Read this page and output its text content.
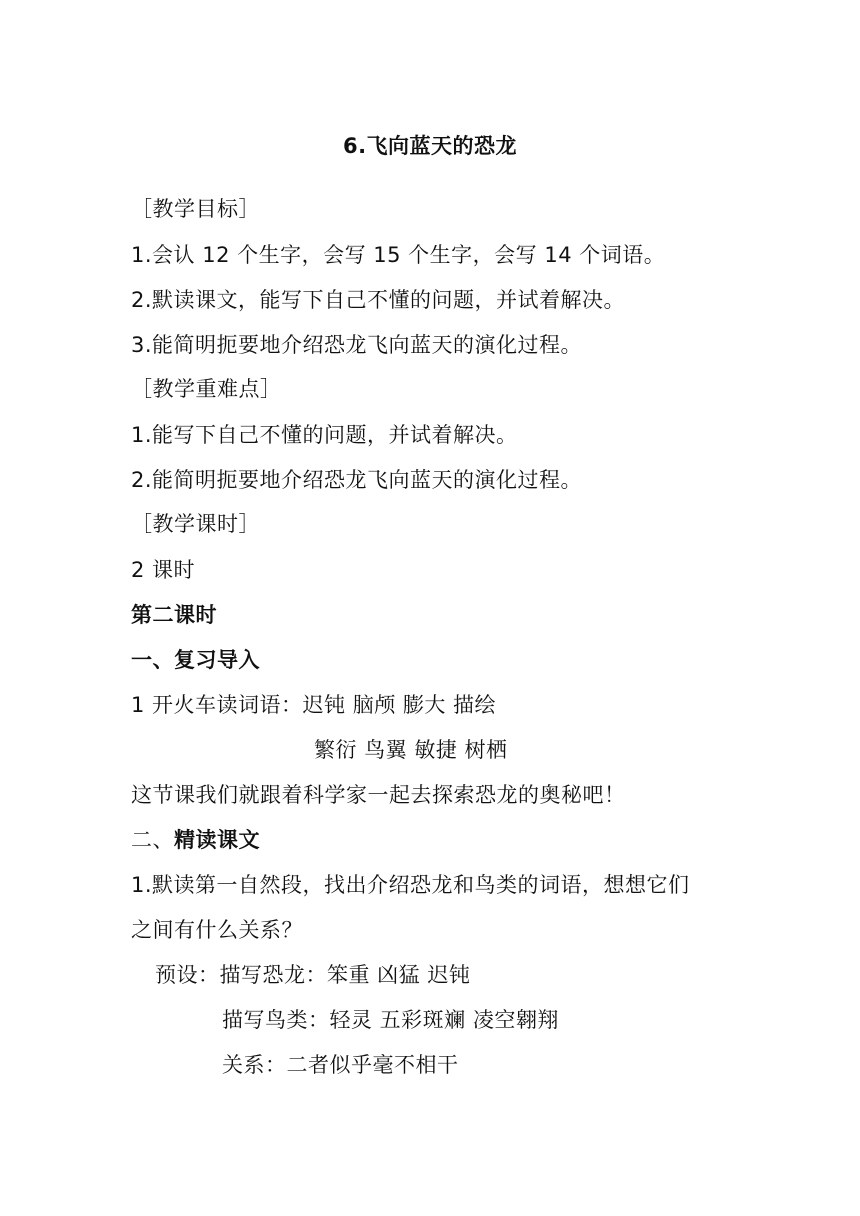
6.飞向蓝天的恐龙
［教学目标］
1.会认 12 个生字，会写 15 个生字，会写 14 个词语。
2.默读课文，能写下自己不懂的问题，并试着解决。
3.能简明扼要地介绍恐龙飞向蓝天的演化过程。
［教学重难点］
1.能写下自己不懂的问题，并试着解决。
2.能简明扼要地介绍恐龙飞向蓝天的演化过程。
［教学课时］
2 课时
第二课时
一、复习导入
1 开火车读词语：迟钝 脑颅 膨大 描绘
繁衍 鸟翼 敏捷 树栖
这节课我们就跟着科学家一起去探索恐龙的奥秘吧！
二、精读课文
1.默读第一自然段，找出介绍恐龙和鸟类的词语，想想它们
之间有什么关系？
预设：描写恐龙：笨重 凶猛 迟钝
描写鸟类：轻灵 五彩斑斓 凌空翱翔
关系：二者似乎毫不相干
